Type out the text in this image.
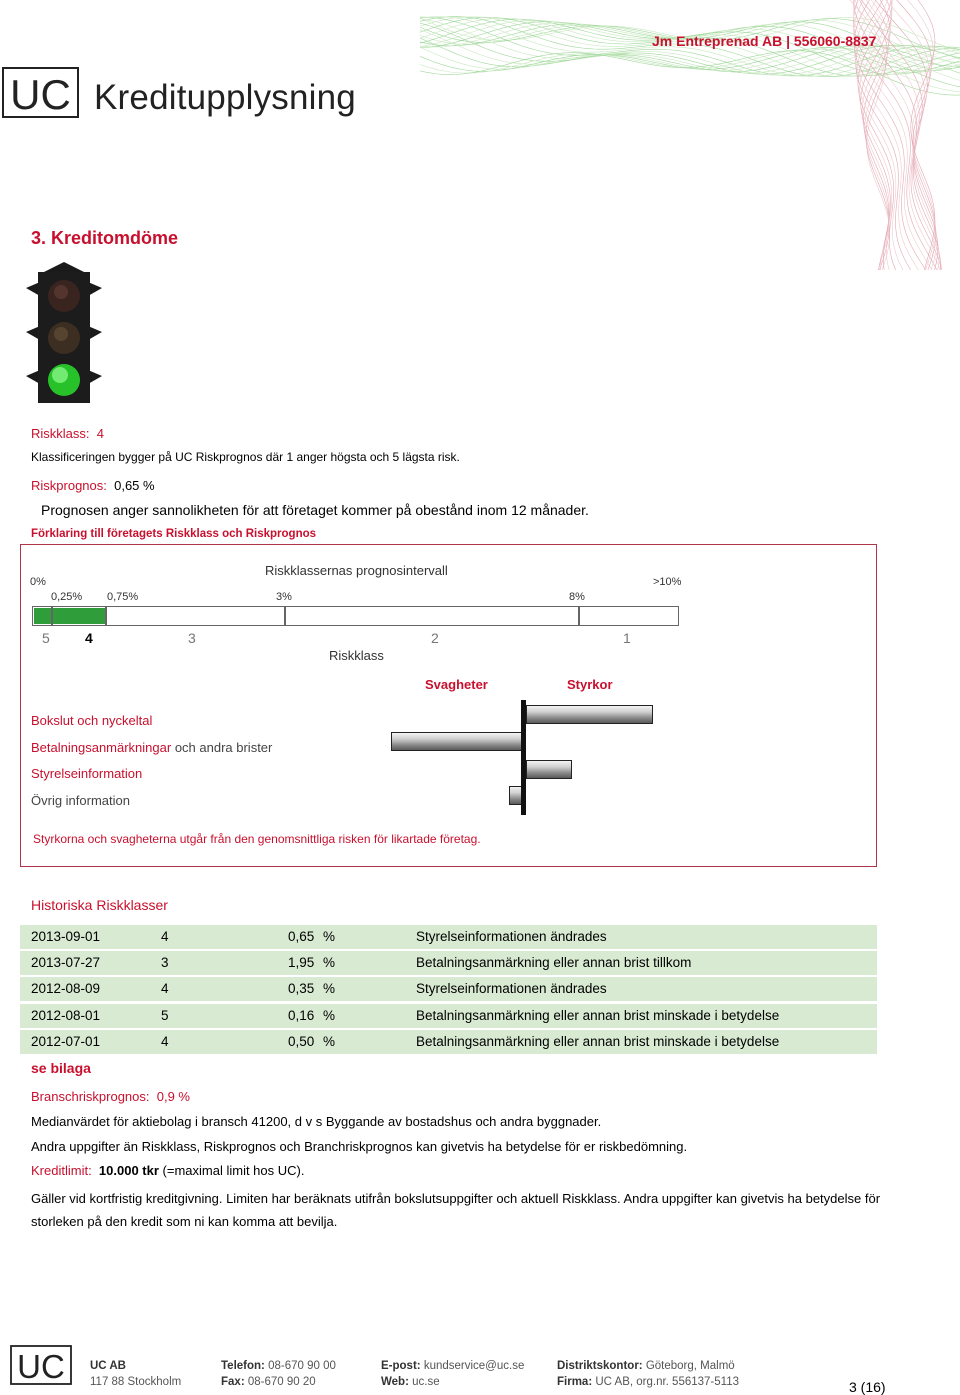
Jm Entreprenad AB | 556060-8837
UC Kreditupplysning
3. Kreditomdöme
Riskklass: 4
Klassificeringen bygger på UC Riskprognos där 1 anger högsta och 5 lägsta risk.
Riskprognos: 0,65 %
Prognosen anger sannolikheten för att företaget kommer på obestånd inom 12 månader.
Förklaring till företagets Riskklass och Riskprognos
Riskklassernas prognosintervall
0%
0,25% 0,75%	3%	8%
>10%
5	4	3	2	1
Riskklass
Svagheter	Styrkor
Bokslut och nyckeltal
Betalningsanmärkningar och andra brister
Styrelseinformation
Övrig information
Styrkorna och svagheterna utgår från den genomsnittliga risken för likartade företag.
Historiska Riskklasser
2013-09-01	4	0,65 %	Styrelseinformationen ändrades
2013-07-27	3	1,95 %	Betalningsanmärkning eller annan brist tillkom
2012-08-09	4	0,35 %	Styrelseinformationen ändrades
2012-08-01	5	0,16 %	Betalningsanmärkning eller annan brist minskade i betydelse
2012-07-01	4	0,50 %	Betalningsanmärkning eller annan brist minskade i betydelse
se bilaga
Branschriskprognos: 0,9 %
Medianvärdet för aktiebolag i bransch 41200, d v s Byggande av bostadshus och andra byggnader.
Andra uppgifter än Riskklass, Riskprognos och Branchriskprognos kan givetvis ha betydelse för er riskbedömning.
Kreditlimit: 10.000 tkr (=maximal limit hos UC).
Gäller vid kortfristig kreditgivning. Limiten har beräknats utifrån bokslutsuppgifter och aktuell Riskklass. Andra uppgifter kan givetvis ha betydelse för storleken på den kredit som ni kan komma att bevilja.
UC UC AB
117 88 Stockholm
Telefon: 08-670 90 00
Fax: 08-670 90 20
E-post: kundservice@uc.se
Web: uc.se
Distriktskontor: Göteborg, Malmö
Firma: UC AB, org.nr. 556137-5113	3 (16)
